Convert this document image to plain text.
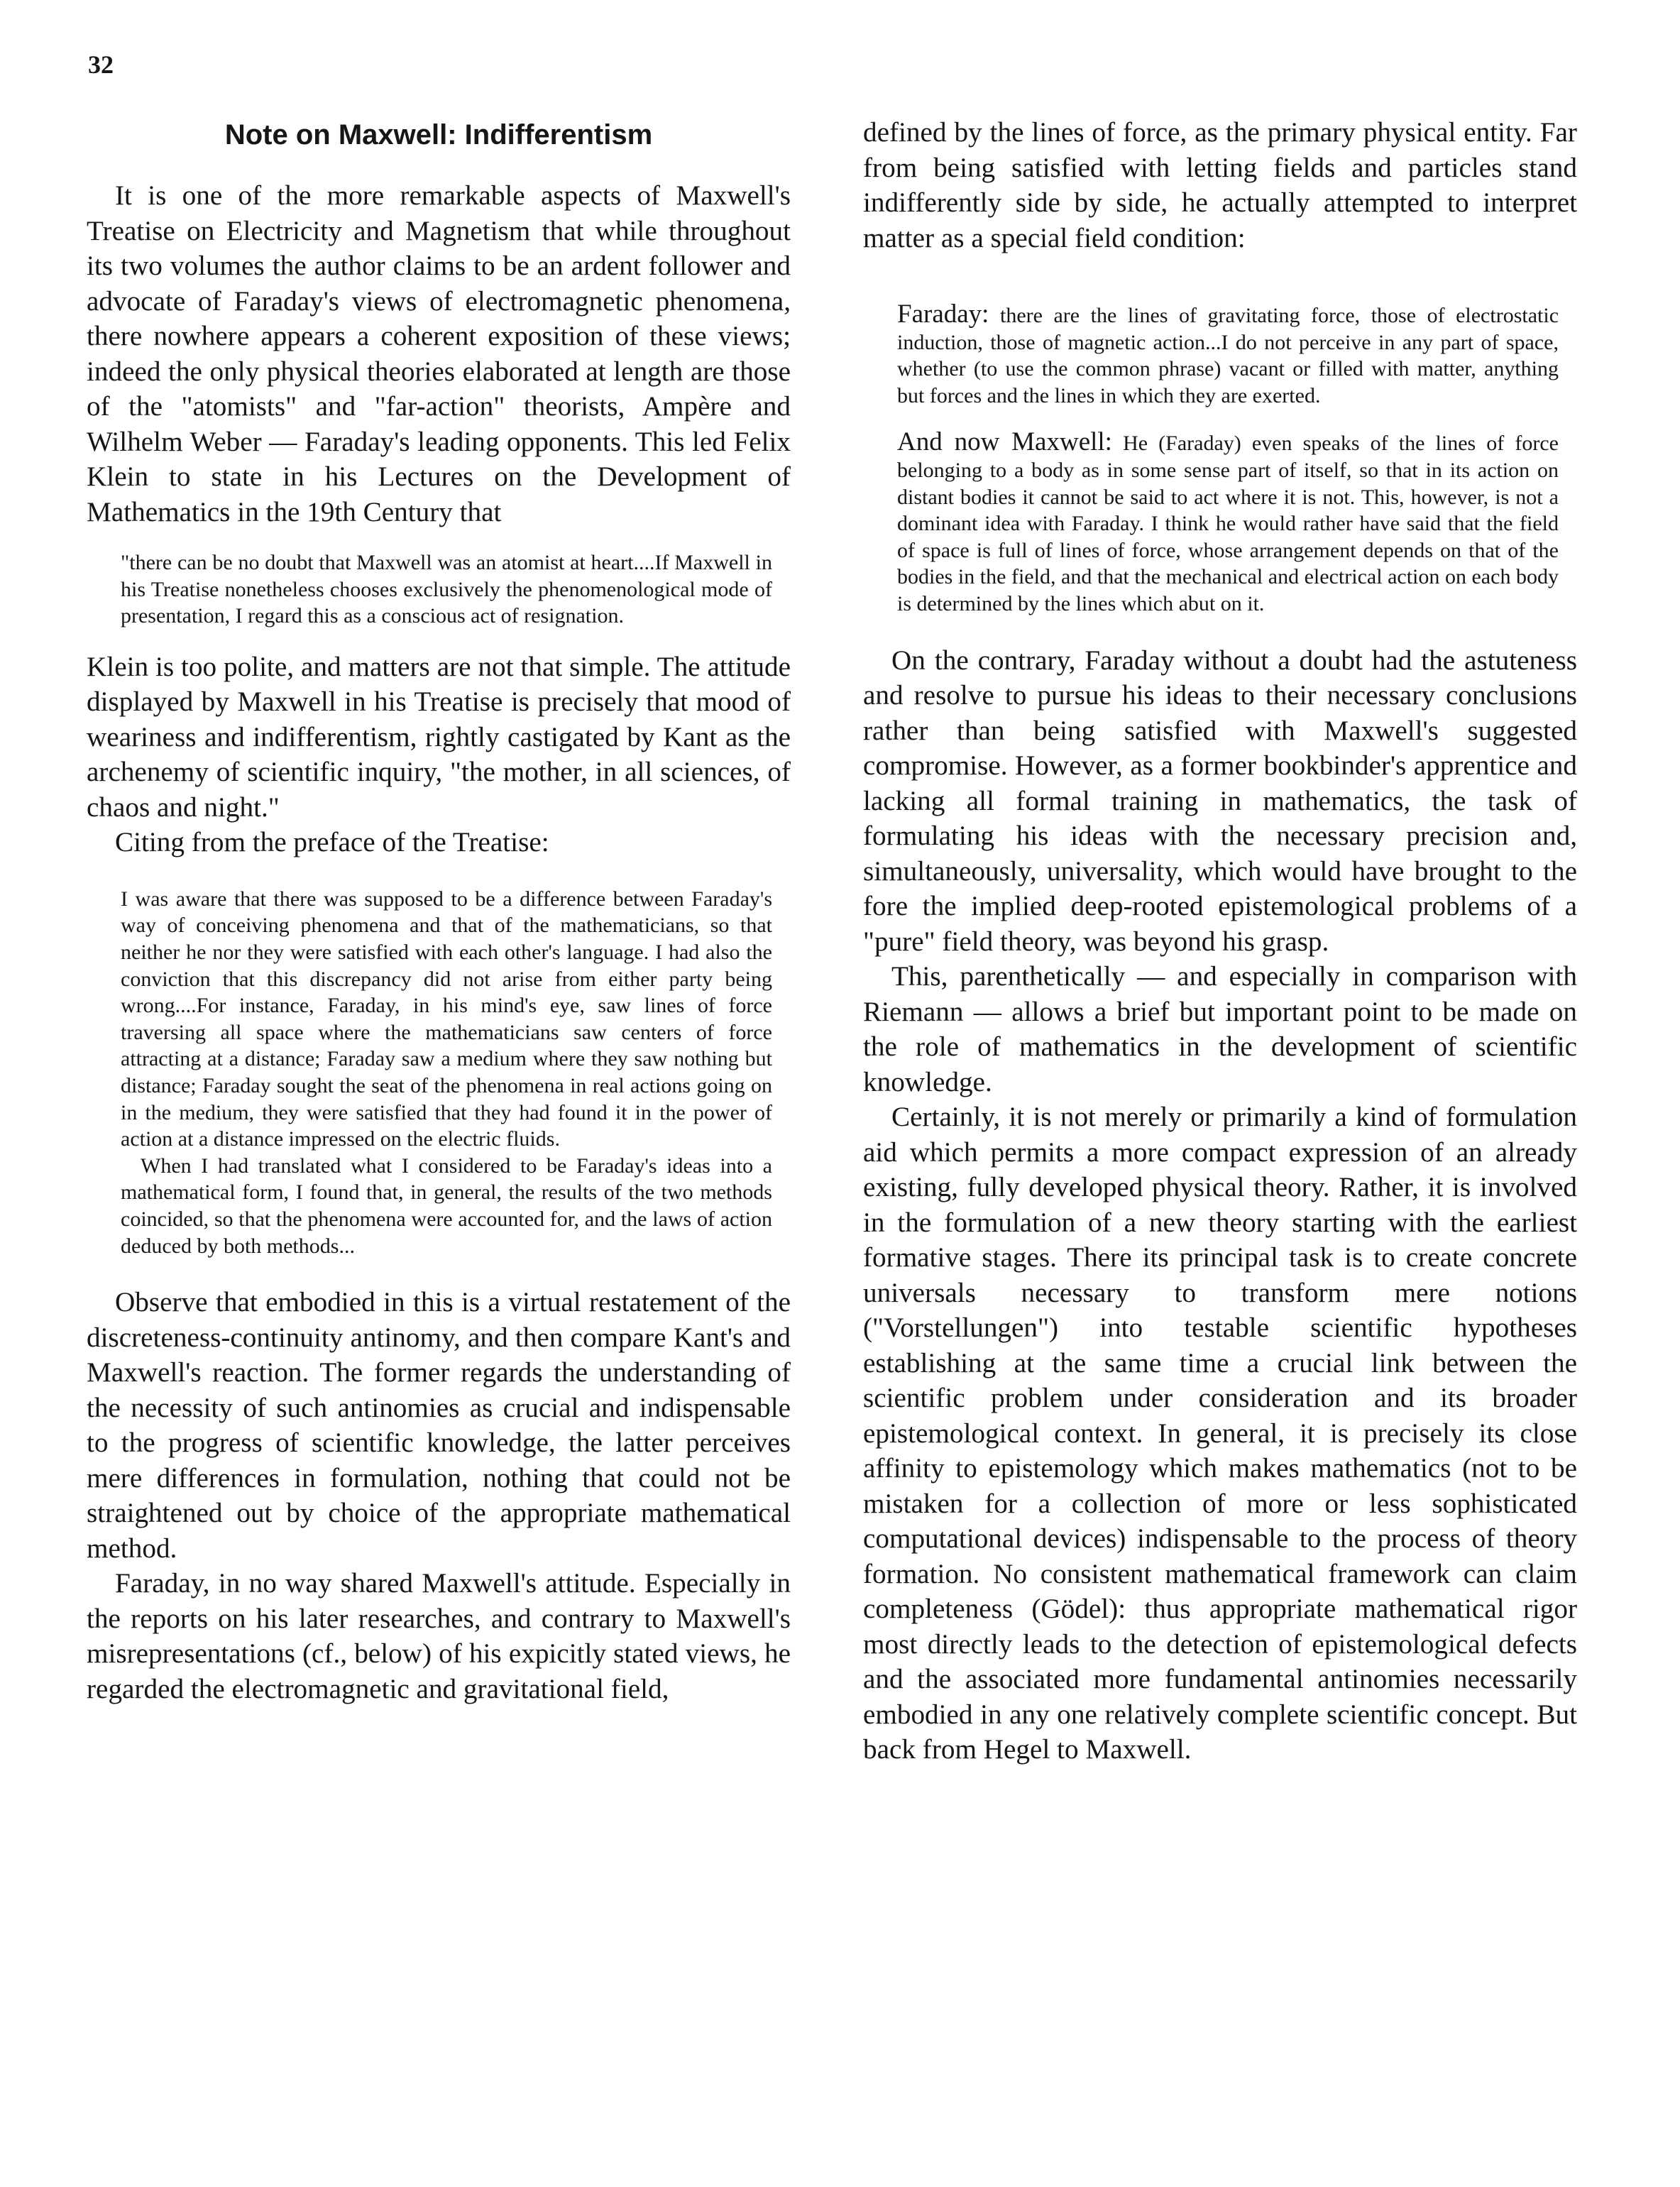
32
Note on Maxwell: Indifferentism

It is one of the more remarkable aspects of Maxwell's Treatise on Electricity and Magnetism that while throughout its two volumes the author claims to be an ardent follower and advocate of Faraday's views of electromagnetic phenomena, there nowhere appears a coherent exposition of these views; indeed the only physical theories elaborated at length are those of the "atomists" and "far-action" theorists, Ampère and Wilhelm Weber — Faraday's leading opponents. This led Felix Klein to state in his Lectures on the Development of Mathematics in the 19th Century that

"there can be no doubt that Maxwell was an atomist at heart....If Maxwell in his Treatise nonetheless chooses exclusively the phenomenological mode of presentation, I regard this as a conscious act of resignation.

Klein is too polite, and matters are not that simple. The attitude displayed by Maxwell in his Treatise is precisely that mood of weariness and indifferentism, rightly castigated by Kant as the archenemy of scientific inquiry, "the mother, in all sciences, of chaos and night."

Citing from the preface of the Treatise:

I was aware that there was supposed to be a difference between Faraday's way of conceiving phenomena and that of the mathematicians, so that neither he nor they were satisfied with each other's language. I had also the conviction that this discrepancy did not arise from either party being wrong....For instance, Faraday, in his mind's eye, saw lines of force traversing all space where the mathematicians saw centers of force attracting at a distance; Faraday saw a medium where they saw nothing but distance; Faraday sought the seat of the phenomena in real actions going on in the medium, they were satisfied that they had found it in the power of action at a distance impressed on the electric fluids.

When I had translated what I considered to be Faraday's ideas into a mathematical form, I found that, in general, the results of the two methods coincided, so that the phenomena were accounted for, and the laws of action deduced by both methods...

Observe that embodied in this is a virtual restatement of the discreteness-continuity antinomy, and then compare Kant's and Maxwell's reaction. The former regards the understanding of the necessity of such antinomies as crucial and indispensable to the progress of scientific knowledge, the latter perceives mere differences in formulation, nothing that could not be straightened out by choice of the appropriate mathematical method.

Faraday, in no way shared Maxwell's attitude. Especially in the reports on his later researches, and contrary to Maxwell's misrepresentations (cf., below) of his expicitly stated views, he regarded the electromagnetic and gravitational field,

defined by the lines of force, as the primary physical entity. Far from being satisfied with letting fields and particles stand indifferently side by side, he actually attempted to interpret matter as a special field condition:

Faraday: there are the lines of gravitating force, those of electrostatic induction, those of magnetic action...I do not perceive in any part of space, whether (to use the common phrase) vacant or filled with matter, anything but forces and the lines in which they are exerted.

And now Maxwell: He (Faraday) even speaks of the lines of force belonging to a body as in some sense part of itself, so that in its action on distant bodies it cannot be said to act where it is not. This, however, is not a dominant idea with Faraday. I think he would rather have said that the field of space is full of lines of force, whose arrangement depends on that of the bodies in the field, and that the mechanical and electrical action on each body is determined by the lines which abut on it.

On the contrary, Faraday without a doubt had the astuteness and resolve to pursue his ideas to their necessary conclusions rather than being satisfied with Maxwell's suggested compromise. However, as a former bookbinder's apprentice and lacking all formal training in mathematics, the task of formulating his ideas with the necessary precision and, simultaneously, universality, which would have brought to the fore the implied deep-rooted epistemological problems of a "pure" field theory, was beyond his grasp.

This, parenthetically — and especially in comparison with Riemann — allows a brief but important point to be made on the role of mathematics in the development of scientific knowledge.

Certainly, it is not merely or primarily a kind of formulation aid which permits a more compact expression of an already existing, fully developed physical theory. Rather, it is involved in the formulation of a new theory starting with the earliest formative stages. There its principal task is to create concrete universals necessary to transform mere notions ("Vorstellungen") into testable scientific hypotheses establishing at the same time a crucial link between the scientific problem under consideration and its broader epistemological context. In general, it is precisely its close affinity to epistemology which makes mathematics (not to be mistaken for a collection of more or less sophisticated computational devices) indispensable to the process of theory formation. No consistent mathematical framework can claim completeness (Gödel): thus appropriate mathematical rigor most directly leads to the detection of epistemological defects and the associated more fundamental antinomies necessarily embodied in any one relatively complete scientific concept. But back from Hegel to Maxwell.
